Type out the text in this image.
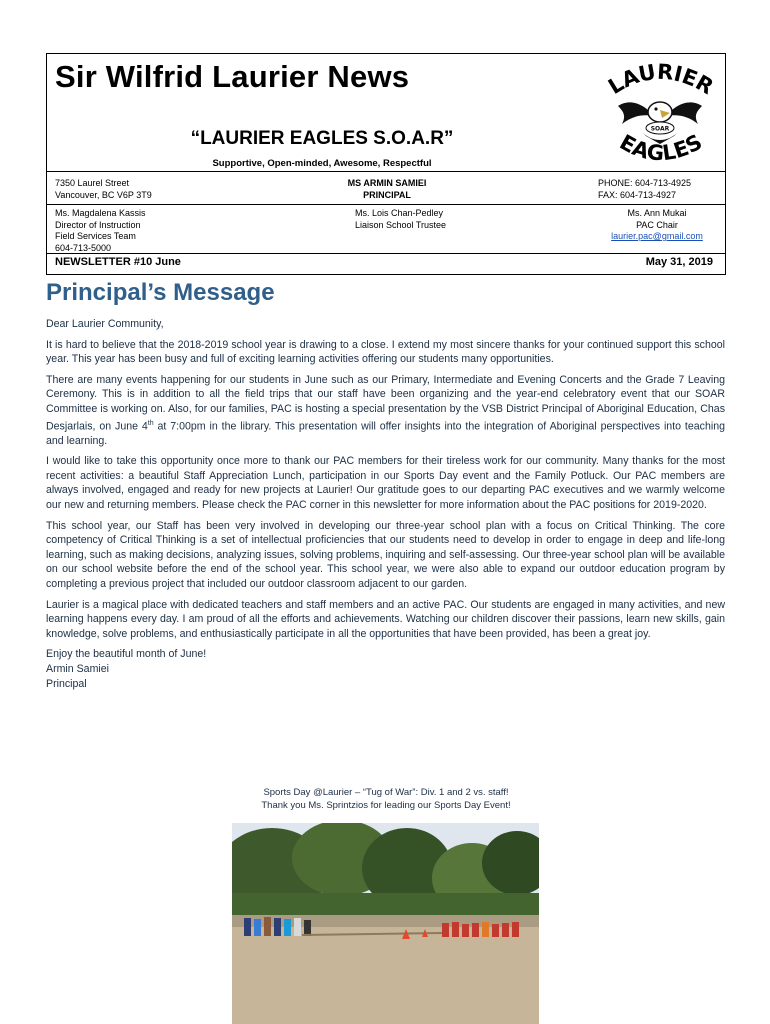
Sir Wilfrid Laurier News	LAURIER
EAGLES
SOAR
“LAURIER EAGLES S.O.A.R”
Supportive, Open-minded, Awesome, Respectful
7350 Laurel Street
Vancouver, BC V6P 3T9
MS ARMIN SAMIEI
PRINCIPAL
PHONE: 604-713-4925
FAX: 604-713-4927
Ms. Magdalena Kassis
Director of Instruction
Field Services Team
604-713-5000
Ms. Lois Chan-Pedley
Liaison School Trustee
Ms. Ann Mukai
PAC Chair
laurier.pac@gmail.com
NEWSLETTER #10 June	May 31, 2019
Principal’s Message

Dear Laurier Community,

It is hard to believe that the 2018-2019 school year is drawing to a close. I extend my most sincere thanks for your continued support this school year. This year has been busy and full of exciting learning activities offering our students many opportunities.

There are many events happening for our students in June such as our Primary, Intermediate and Evening Concerts and the Grade 7 Leaving Ceremony. This is in addition to all the field trips that our staff have been organizing and the year-end celebratory event that our SOAR Committee is working on. Also, for our families, PAC is hosting a special presentation by the VSB District Principal of Aboriginal Education, Chas Desjarlais, on June 4th at 7:00pm in the library. This presentation will offer insights into the integration of Aboriginal perspectives into teaching and learning.

I would like to take this opportunity once more to thank our PAC members for their tireless work for our community. Many thanks for the most recent activities: a beautiful Staff Appreciation Lunch, participation in our Sports Day event and the Family Potluck. Our PAC members are always involved, engaged and ready for new projects at Laurier! Our gratitude goes to our departing PAC executives and we warmly welcome our new and returning members. Please check the PAC corner in this newsletter for more information about the PAC positions for 2019-2020.

This school year, our Staff has been very involved in developing our three-year school plan with a focus on Critical Thinking. The core competency of Critical Thinking is a set of intellectual proficiencies that our students need to develop in order to engage in deep and life-long learning, such as making decisions, analyzing issues, solving problems, inquiring and self-assessing. Our three-year school plan will be available on our school website before the end of the school year. This school year, we were also able to expand our outdoor education program by completing a previous project that included our outdoor classroom adjacent to our garden.

Laurier is a magical place with dedicated teachers and staff members and an active PAC. Our students are engaged in many activities, and new learning happens every day. I am proud of all the efforts and achievements. Watching our children discover their passions, learn new skills, gain knowledge, solve problems, and enthusiastically participate in all the opportunities that have been provided, has been a great joy.

Enjoy the beautiful month of June!

Armin Samiei

Principal

Sports Day @Laurier – “Tug of War”: Div. 1 and 2 vs. staff!
Thank you Ms. Sprintzios for leading our Sports Day Event!
